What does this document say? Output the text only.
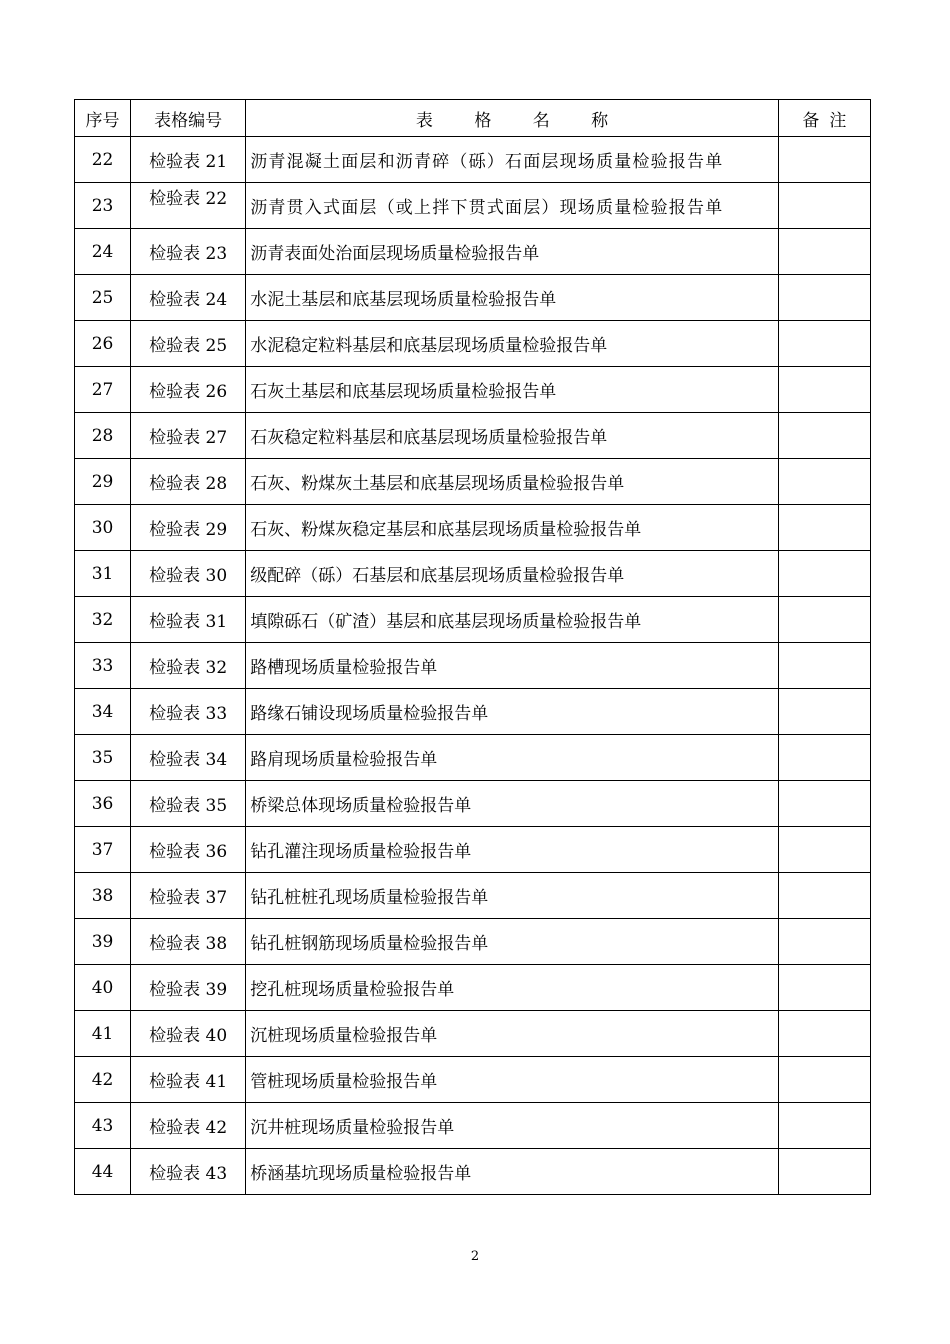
序号	表格编号	表 格 名 称	备注
22	检验表 21	沥青混凝土面层和沥青碎（砾）石面层现场质量检验报告单	
23	检验表 22	沥青贯入式面层（或上拌下贯式面层）现场质量检验报告单	
24	检验表 23	沥青表面处治面层现场质量检验报告单	
25	检验表 24	水泥土基层和底基层现场质量检验报告单	
26	检验表 25	水泥稳定粒料基层和底基层现场质量检验报告单	
27	检验表 26	石灰土基层和底基层现场质量检验报告单	
28	检验表 27	石灰稳定粒料基层和底基层现场质量检验报告单	
29	检验表 28	石灰、粉煤灰土基层和底基层现场质量检验报告单	
30	检验表 29	石灰、粉煤灰稳定基层和底基层现场质量检验报告单	
31	检验表 30	级配碎（砾）石基层和底基层现场质量检验报告单	
32	检验表 31	填隙砾石（矿渣）基层和底基层现场质量检验报告单	
33	检验表 32	路槽现场质量检验报告单	
34	检验表 33	路缘石铺设现场质量检验报告单	
35	检验表 34	路肩现场质量检验报告单	
36	检验表 35	桥梁总体现场质量检验报告单	
37	检验表 36	钻孔灌注现场质量检验报告单	
38	检验表 37	钻孔桩桩孔现场质量检验报告单	
39	检验表 38	钻孔桩钢筋现场质量检验报告单	
40	检验表 39	挖孔桩现场质量检验报告单	
41	检验表 40	沉桩现场质量检验报告单	
42	检验表 41	管桩现场质量检验报告单	
43	检验表 42	沉井桩现场质量检验报告单	
44	检验表 43	桥涵基坑现场质量检验报告单	
2
